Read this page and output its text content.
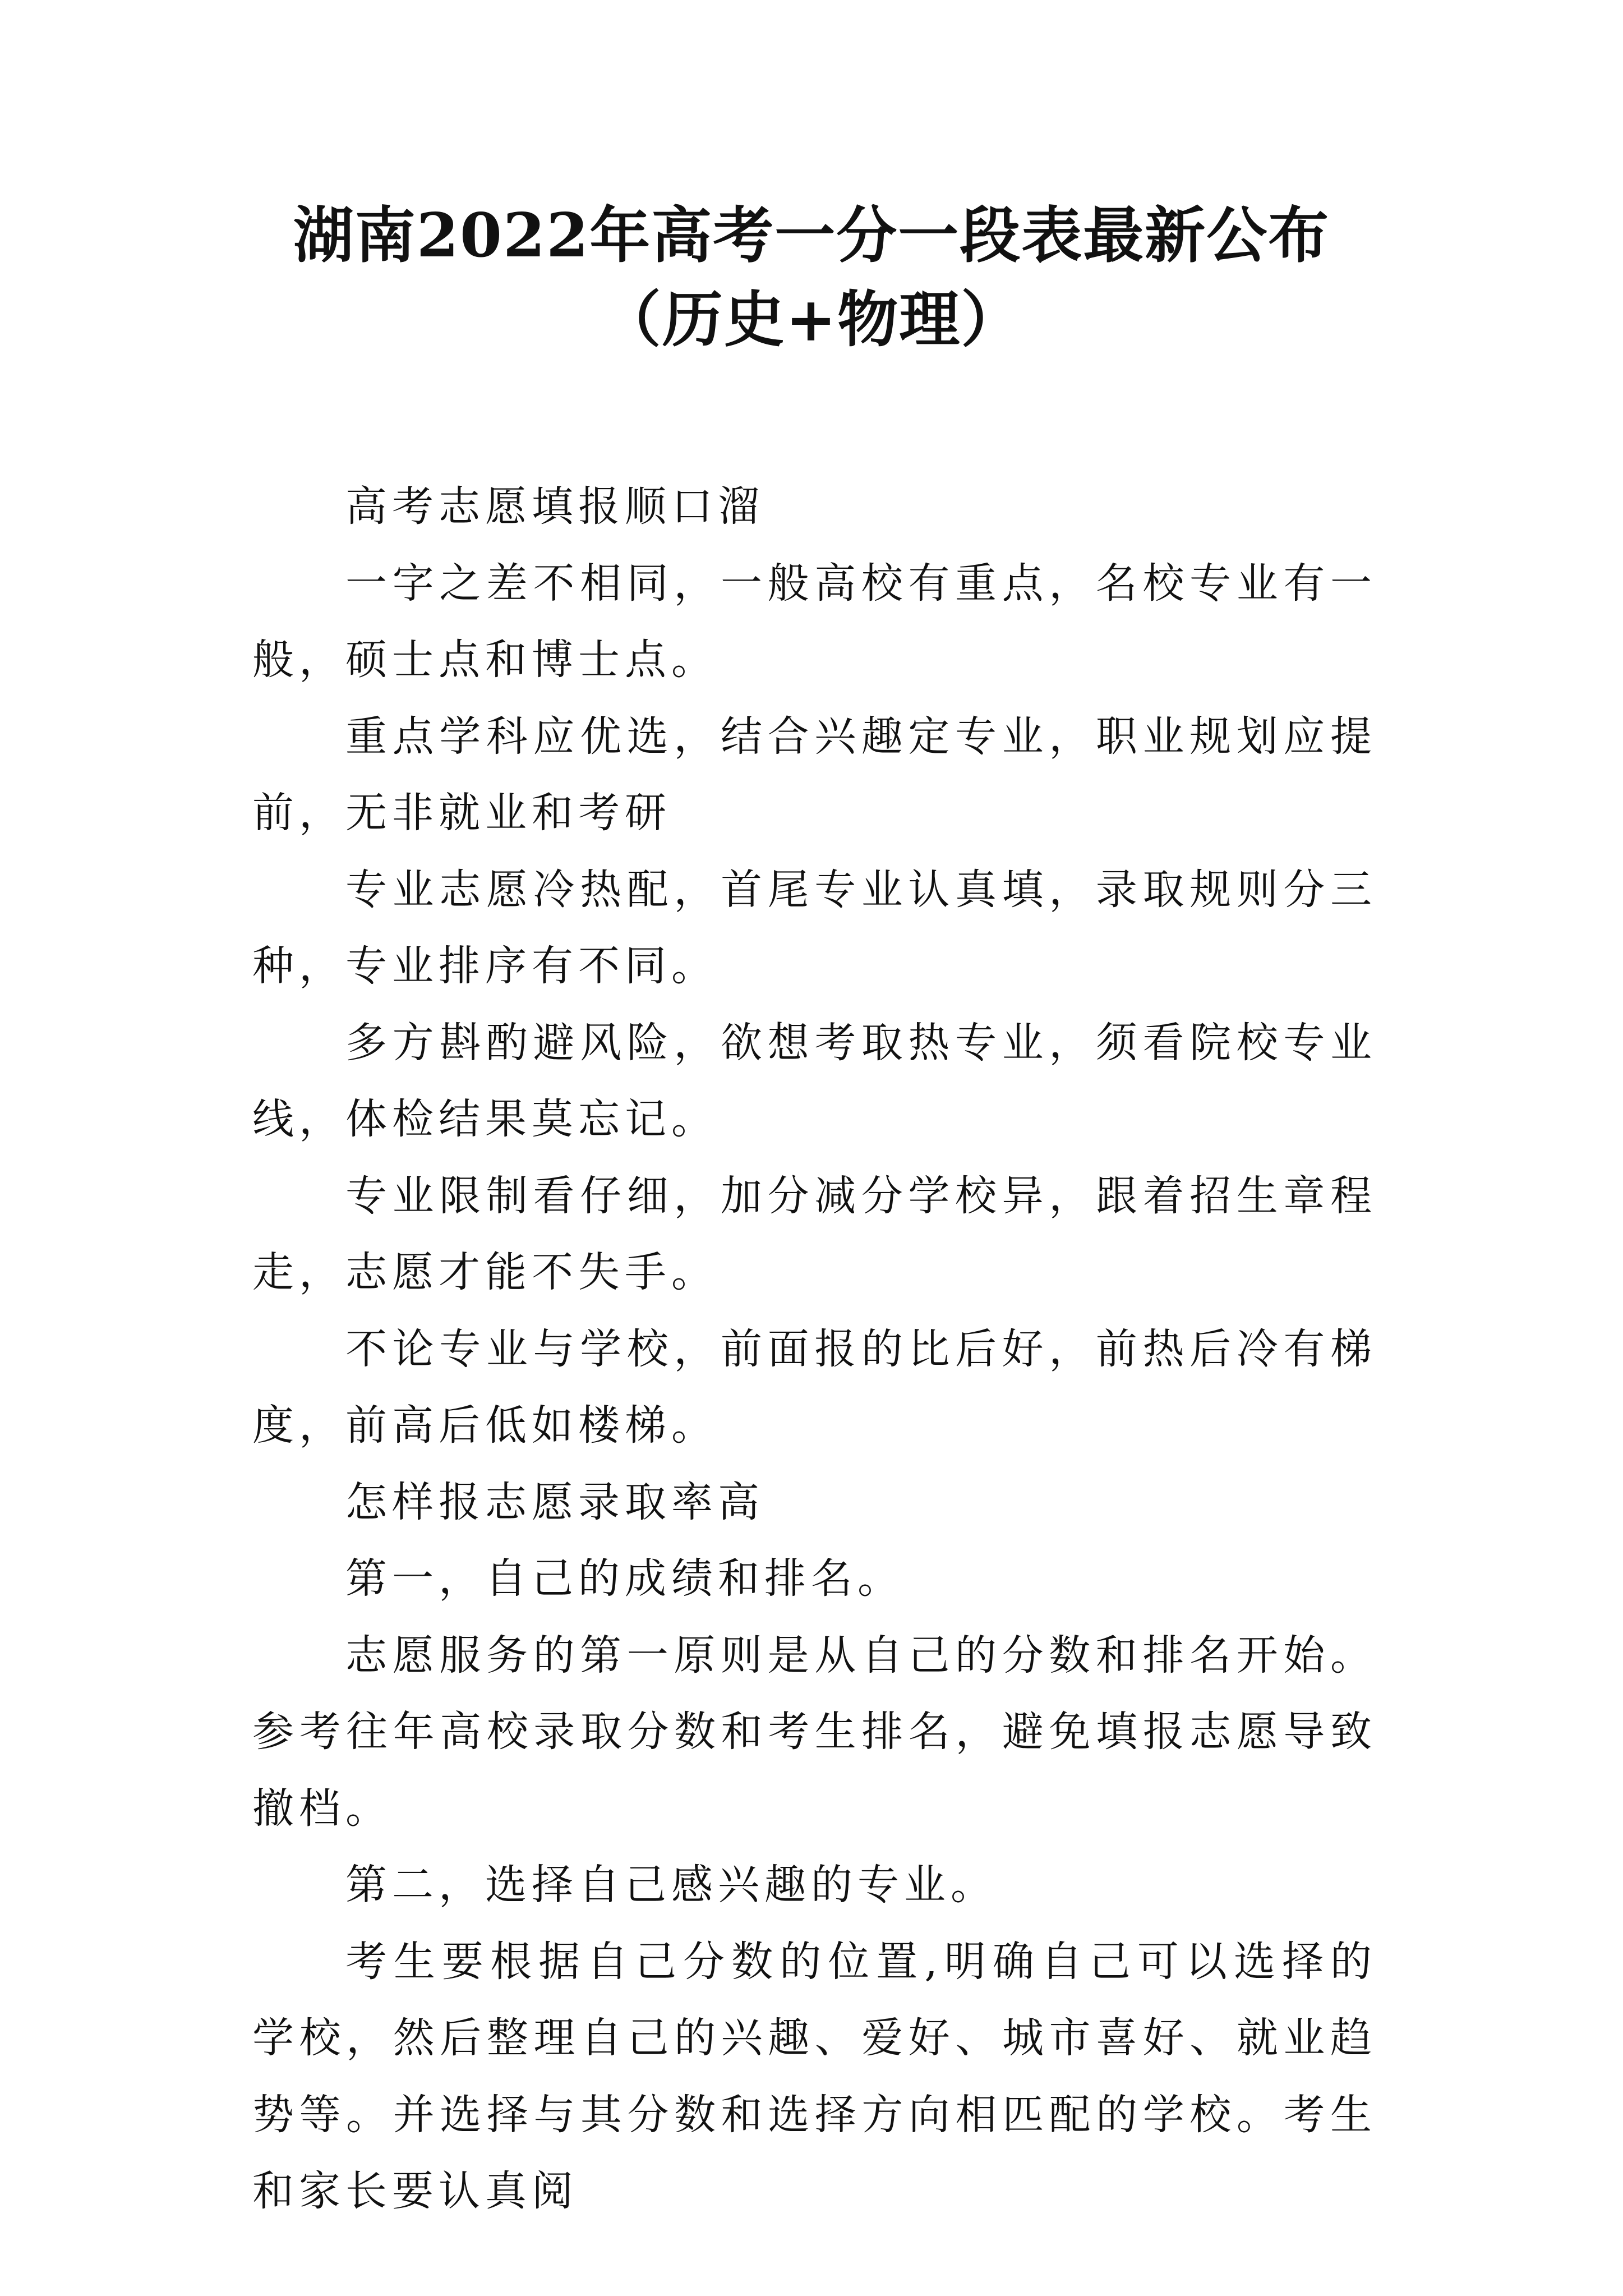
湖南2022年高考一分一段表最新公布（历史+物理）

高考志愿填报顺口溜

一字之差不相同，一般高校有重点，名校专业有一般，硕士点和博士点。

重点学科应优选，结合兴趣定专业，职业规划应提前，无非就业和考研

专业志愿冷热配，首尾专业认真填，录取规则分三种，专业排序有不同。

多方斟酌避风险，欲想考取热专业，须看院校专业线，体检结果莫忘记。

专业限制看仔细，加分减分学校异，跟着招生章程走，志愿才能不失手。

不论专业与学校，前面报的比后好，前热后冷有梯度，前高后低如楼梯。

怎样报志愿录取率高

第一，自己的成绩和排名。

志愿服务的第一原则是从自己的分数和排名开始。参考往年高校录取分数和考生排名，避免填报志愿导致撤档。

第二，选择自己感兴趣的专业。

考生要根据自己分数的位置,明确自己可以选择的学校，然后整理自己的兴趣、爱好、城市喜好、就业趋势等。并选择与其分数和选择方向相匹配的学校。考生和家长要认真阅
